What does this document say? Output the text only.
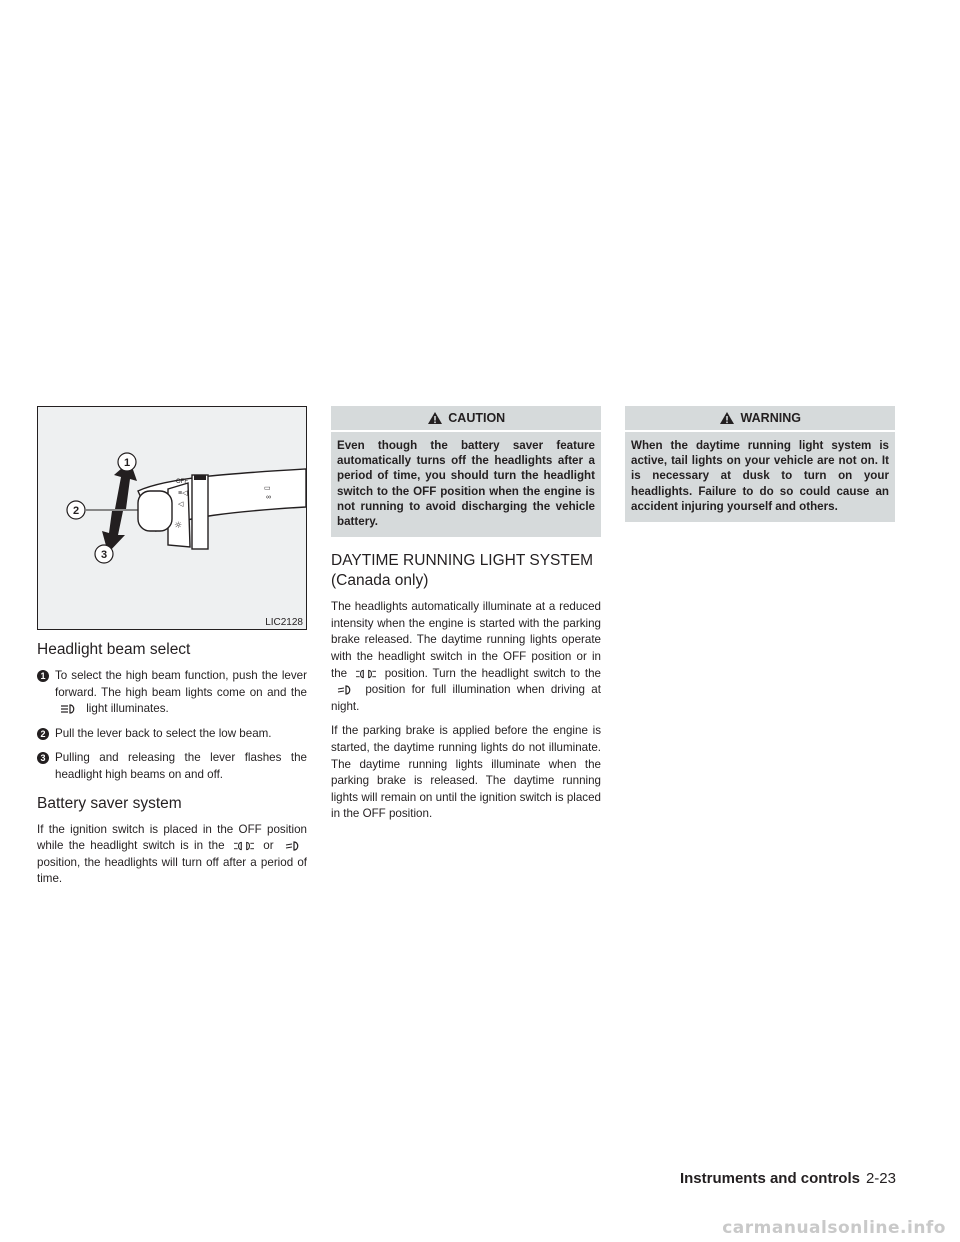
OFF
≡◁
◁
☼
▭
∞
1
2
3
LIC2128
Headlight beam select
1 To select the high beam function, push the lever forward. The high beam lights come on and the  light illuminates.
2 Pull the lever back to select the low beam.
3 Pulling and releasing the lever flashes the headlight high beams on and off.
Battery saver system

If the ignition switch is placed in the OFF position while the headlight switch is in the	or  position, the headlights will turn off after a period of time.

CAUTION
Even though the battery saver feature automatically turns off the headlights after a period of time, you should turn the headlight switch to the OFF position when the engine is not running to avoid discharging the vehicle battery.
DAYTIME RUNNING LIGHT SYSTEM (Canada only)

The headlights automatically illuminate at a reduced intensity when the engine is started with the parking brake released. The daytime running lights operate with the headlight switch in the OFF position or in the	position. Turn the headlight switch to the  position for full illumination when driving at night.

If the parking brake is applied before the engine is started, the daytime running lights do not illuminate. The daytime running lights illuminate when the parking brake is released. The daytime running lights will remain on until the ignition switch is placed in the OFF position.

WARNING
When the daytime running light system is active, tail lights on your vehicle are not on. It is necessary at dusk to turn on your headlights. Failure to do so could cause an accident injuring yourself and others.
Instruments and controls 2-23
carmanualsonline.info
